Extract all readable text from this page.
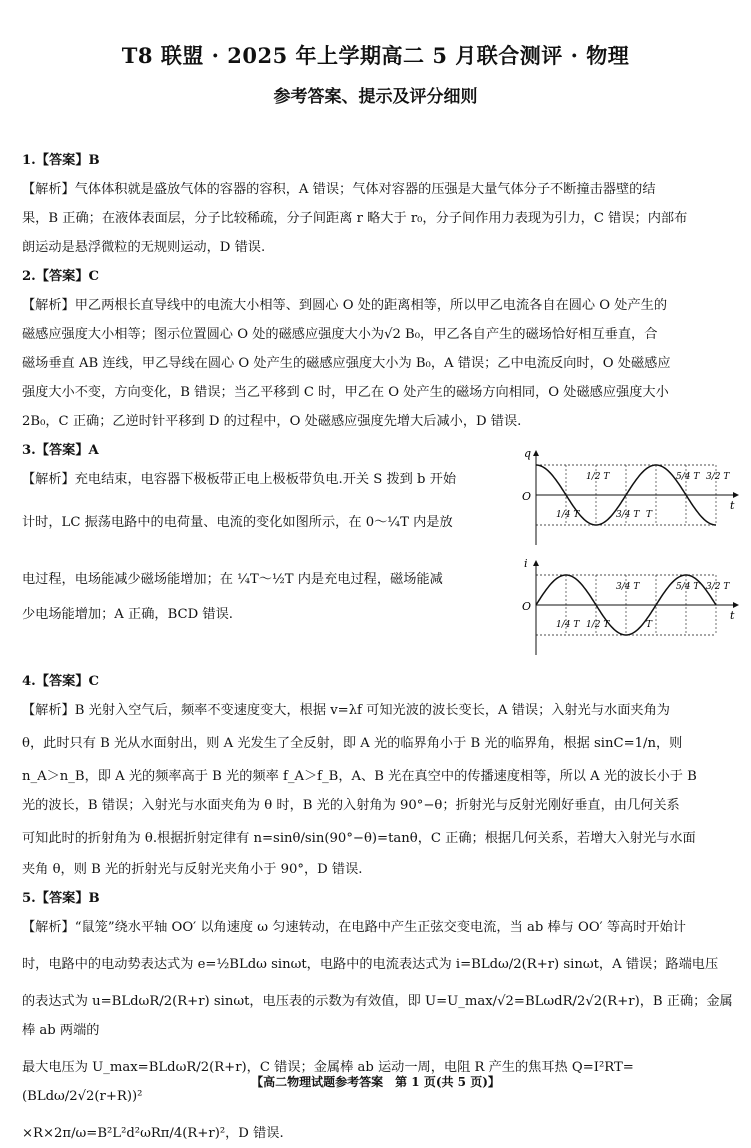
T8 联盟 · 2025 年上学期高二 5 月联合测评 · 物理
参考答案、提示及评分细则

1.【答案】B

【解析】气体体积就是盛放气体的容器的容积，A 错误；气体对容器的压强是大量气体分子不断撞击器壁的结

果，B 正确；在液体表面层，分子比较稀疏，分子间距离 r 略大于 r₀，分子间作用力表现为引力，C 错误；内部布

朗运动是悬浮微粒的无规则运动，D 错误.

2.【答案】C

【解析】甲乙两根长直导线中的电流大小相等、到圆心 O 处的距离相等，所以甲乙电流各自在圆心 O 处产生的

磁感应强度大小相等；图示位置圆心 O 处的磁感应强度大小为√2 B₀，甲乙各自产生的磁场恰好相互垂直，合

磁场垂直 AB 连线，甲乙导线在圆心 O 处产生的磁感应强度大小为 B₀，A 错误；乙中电流反向时，O 处磁感应

强度大小不变，方向变化，B 错误；当乙平移到 C 时，甲乙在 O 处产生的磁场方向相同，O 处磁感应强度大小

2B₀，C 正确；乙逆时针平移到 D 的过程中，O 处磁感应强度先增大后减小，D 错误.

3.【答案】A

【解析】充电结束，电容器下极板带正电上极板带负电.开关 S 拨到 b 开始

计时，LC 振荡电路中的电荷量、电流的变化如图所示，在 0～¼T 内是放

电过程，电场能减少磁场能增加；在 ¼T～½T 内是充电过程，磁场能减

少电场能增加；A 正确，BCD 错误.

q
O
t
1/4 T
1/2 T
3/4 T T
5/4 T 3/2 T
i
O
t
1/4 T 1/2 T
3/4 T
T
5/4 T 3/2 T

4.【答案】C

【解析】B 光射入空气后，频率不变速度变大，根据 v=λf 可知光波的波长变长，A 错误；入射光与水面夹角为

θ，此时只有 B 光从水面射出，则 A 光发生了全反射，即 A 光的临界角小于 B 光的临界角，根据 sinC=1/n，则

n_A＞n_B，即 A 光的频率高于 B 光的频率 f_A＞f_B，A、B 光在真空中的传播速度相等，所以 A 光的波长小于 B

光的波长，B 错误；入射光与水面夹角为 θ 时，B 光的入射角为 90°−θ；折射光与反射光刚好垂直，由几何关系

可知此时的折射角为 θ.根据折射定律有 n=sinθ/sin(90°−θ)=tanθ，C 正确；根据几何关系，若增大入射光与水面

夹角 θ，则 B 光的折射光与反射光夹角小于 90°，D 错误.

5.【答案】B

【解析】“鼠笼”绕水平轴 OO′ 以角速度 ω 匀速转动，在电路中产生正弦交变电流，当 ab 棒与 OO′ 等高时开始计

时，电路中的电动势表达式为 e=½BLdω sinωt，电路中的电流表达式为 i=BLdω/2(R+r) sinωt，A 错误；路端电压

的表达式为 u=BLdωR/2(R+r) sinωt，电压表的示数为有效值，即 U=U_max/√2=BLωdR/2√2(R+r)，B 正确；金属棒 ab 两端的

最大电压为 U_max=BLdωR/2(R+r)，C 错误；金属棒 ab 运动一周，电阻 R 产生的焦耳热 Q=I²RT=(BLdω/2√2(r+R))²

×R×2π/ω=B²L²d²ωRπ/4(R+r)²，D 错误.

【高二物理试题参考答案　第 1 页(共 5 页)】
